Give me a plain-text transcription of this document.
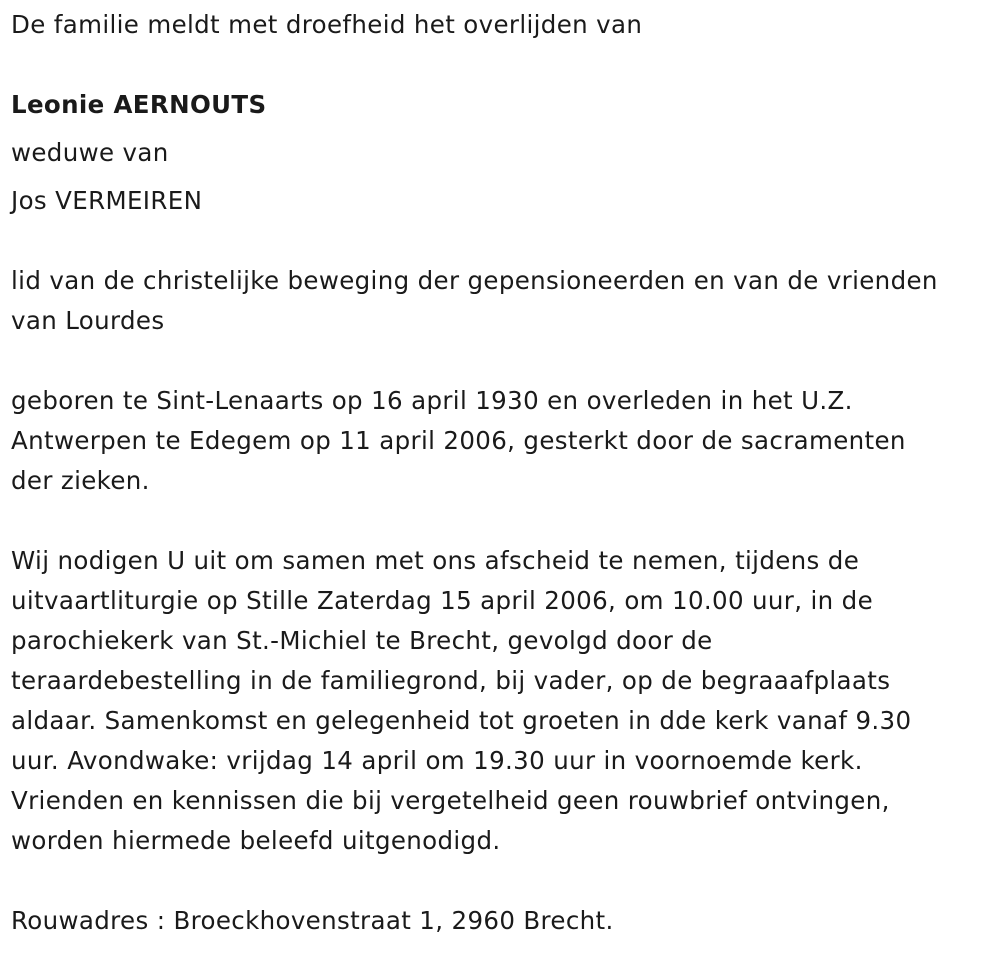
De familie meldt met droefheid het overlijden van
Leonie AERNOUTS
weduwe van
Jos VERMEIREN
lid van de christelijke beweging der gepensioneerden en van de vrienden
van Lourdes
geboren te Sint-Lenaarts op 16 april 1930 en overleden in het U.Z.
Antwerpen te Edegem op 11 april 2006, gesterkt door de sacramenten
der zieken.
Wij nodigen U uit om samen met ons afscheid te nemen, tijdens de
uitvaartliturgie op Stille Zaterdag 15 april 2006, om 10.00 uur, in de
parochiekerk van St.-Michiel te Brecht, gevolgd door de
teraardebestelling in de familiegrond, bij vader, op de begraaafplaats
aldaar. Samenkomst en gelegenheid tot groeten in dde kerk vanaf 9.30
uur. Avondwake: vrijdag 14 april om 19.30 uur in voornoemde kerk.
Vrienden en kennissen die bij vergetelheid geen rouwbrief ontvingen,
worden hiermede beleefd uitgenodigd.
Rouwadres : Broeckhovenstraat 1, 2960 Brecht.
